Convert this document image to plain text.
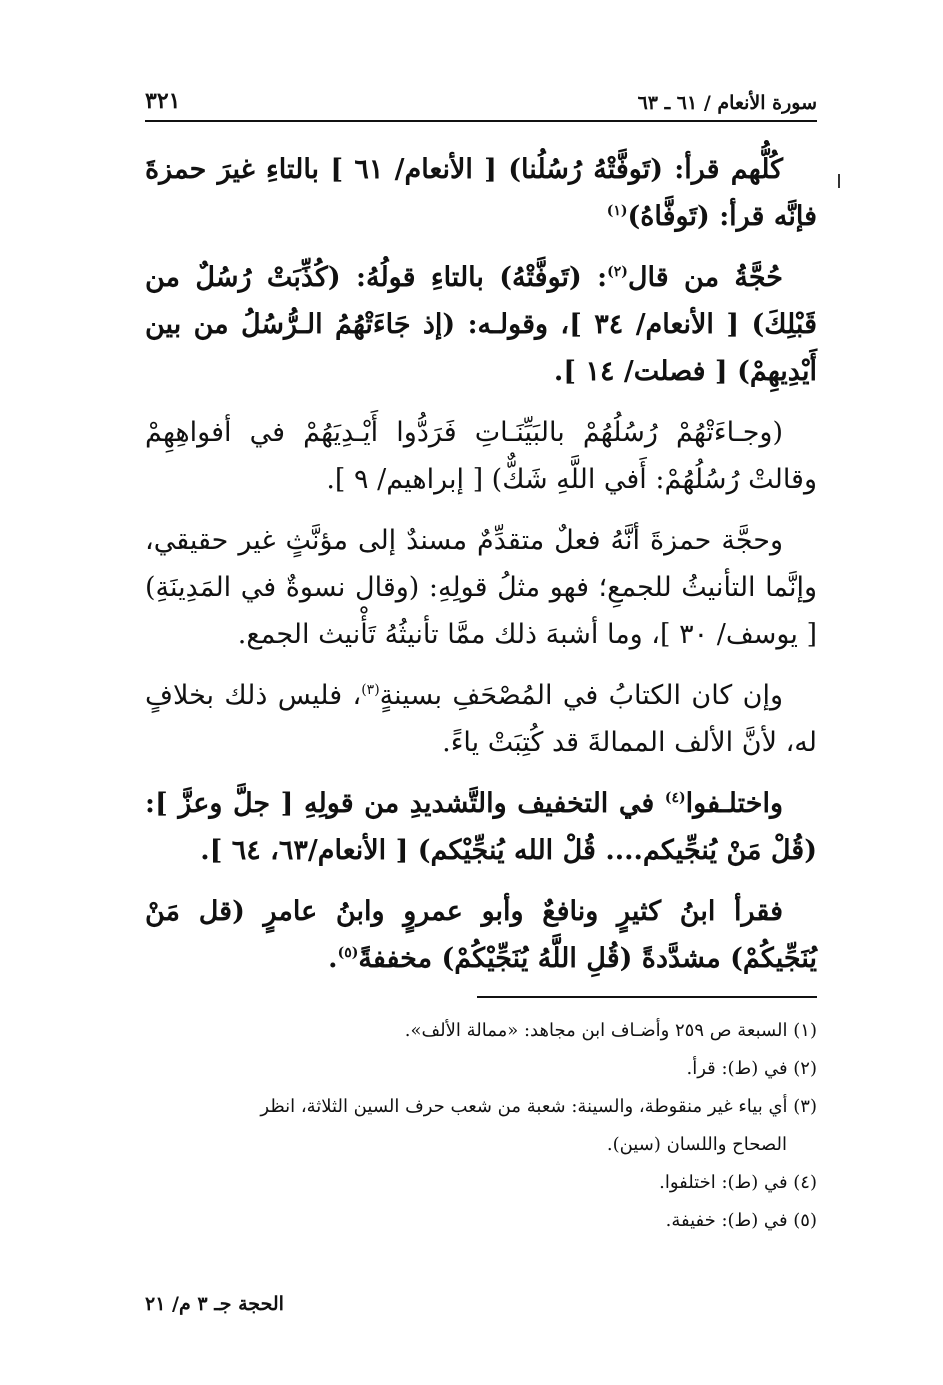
سورة الأنعام / ٦١ ـ ٦٣
٣٢١

كُلُّهم قرأ: (تَوفَّتْهُ رُسُلُنا) [ الأنعام/ ٦١ ] بالتاءِ غيرَ حمزةَ فإنَّه قرأ: (تَوفَّاهُ)$^{(١)}$

حُجَّةُ من قال$^{(٢)}$: (تَوفَّتْهُ) بالتاءِ قولُهُ: (كُذِّبَتْ رُسُلٌ من قَبْلِكَ) [ الأنعام/ ٣٤ ]، وقولـه: (إذ جَاءَتْهُمُ الـرُّسُلُ من بين أَيْدِيهِمْ) [ فصلت/ ١٤ ].

(وجـاءَتْهُمْ رُسُلُهُمْ بالبَيِّنَـاتِ فَرَدُّوا أَيْـدِيَهُمْ في أفواهِهِمْ وقالتْ رُسُلُهُمْ: أَفي اللَّهِ شَكٌّ) [ إبراهيم/ ٩ ].

وحجَّة حمزةَ أنَّهُ فعلٌ متقدِّمٌ مسندٌ إلى مؤنَّثٍ غير حقيقي، وإنَّما التأنيثُ للجمعِ؛ فهو مثلُ قولِهِ: (وقال نسوةٌ في المَدِينَةِ) [ يوسف/ ٣٠ ]، وما أشبهَ ذلك ممَّا تأنيثُهُ تَأْنيث الجمع.

وإن كان الكتابُ في المُصْحَفِ بسينةٍ$^{(٣)}$، فليس ذلك بخلافٍ له، لأنَّ الألف الممالةَ قد كُتِبَتْ ياءً.

واختلـفوا$^{(٤)}$ في التخفيف والتَّشديدِ من قولِهِ [ جلَّ وعزَّ ]: (قُلْ مَنْ يُنجِّيكم.... قُلْ الله يُنجِّيْكم) [ الأنعام/٦٣، ٦٤ ].

فقرأ ابنُ كثيرٍ ونافعٌ وأبو عمروٍ وابنُ عامرٍ (قل مَنْ يُنَجِّيكُمْ) مشدَّدةً (قُلِ اللَّهُ يُنَجِّيْكُمْ) مخففةً$^{(٥)}$.

(١) السبعة ص ٢٥٩ وأضـاف ابن مجاهد: «ممالة الألف».

(٢) في (ط): قرأ.

(٣) أي بياء غير منقوطة، والسينة: شعبة من شعب حرف السين الثلاثة، انظر

الصحاح واللسان (سين).

(٤) في (ط): اختلفوا.

(٥) في (ط): خفيفة.

الحجة جـ ٣ م/ ٢١
